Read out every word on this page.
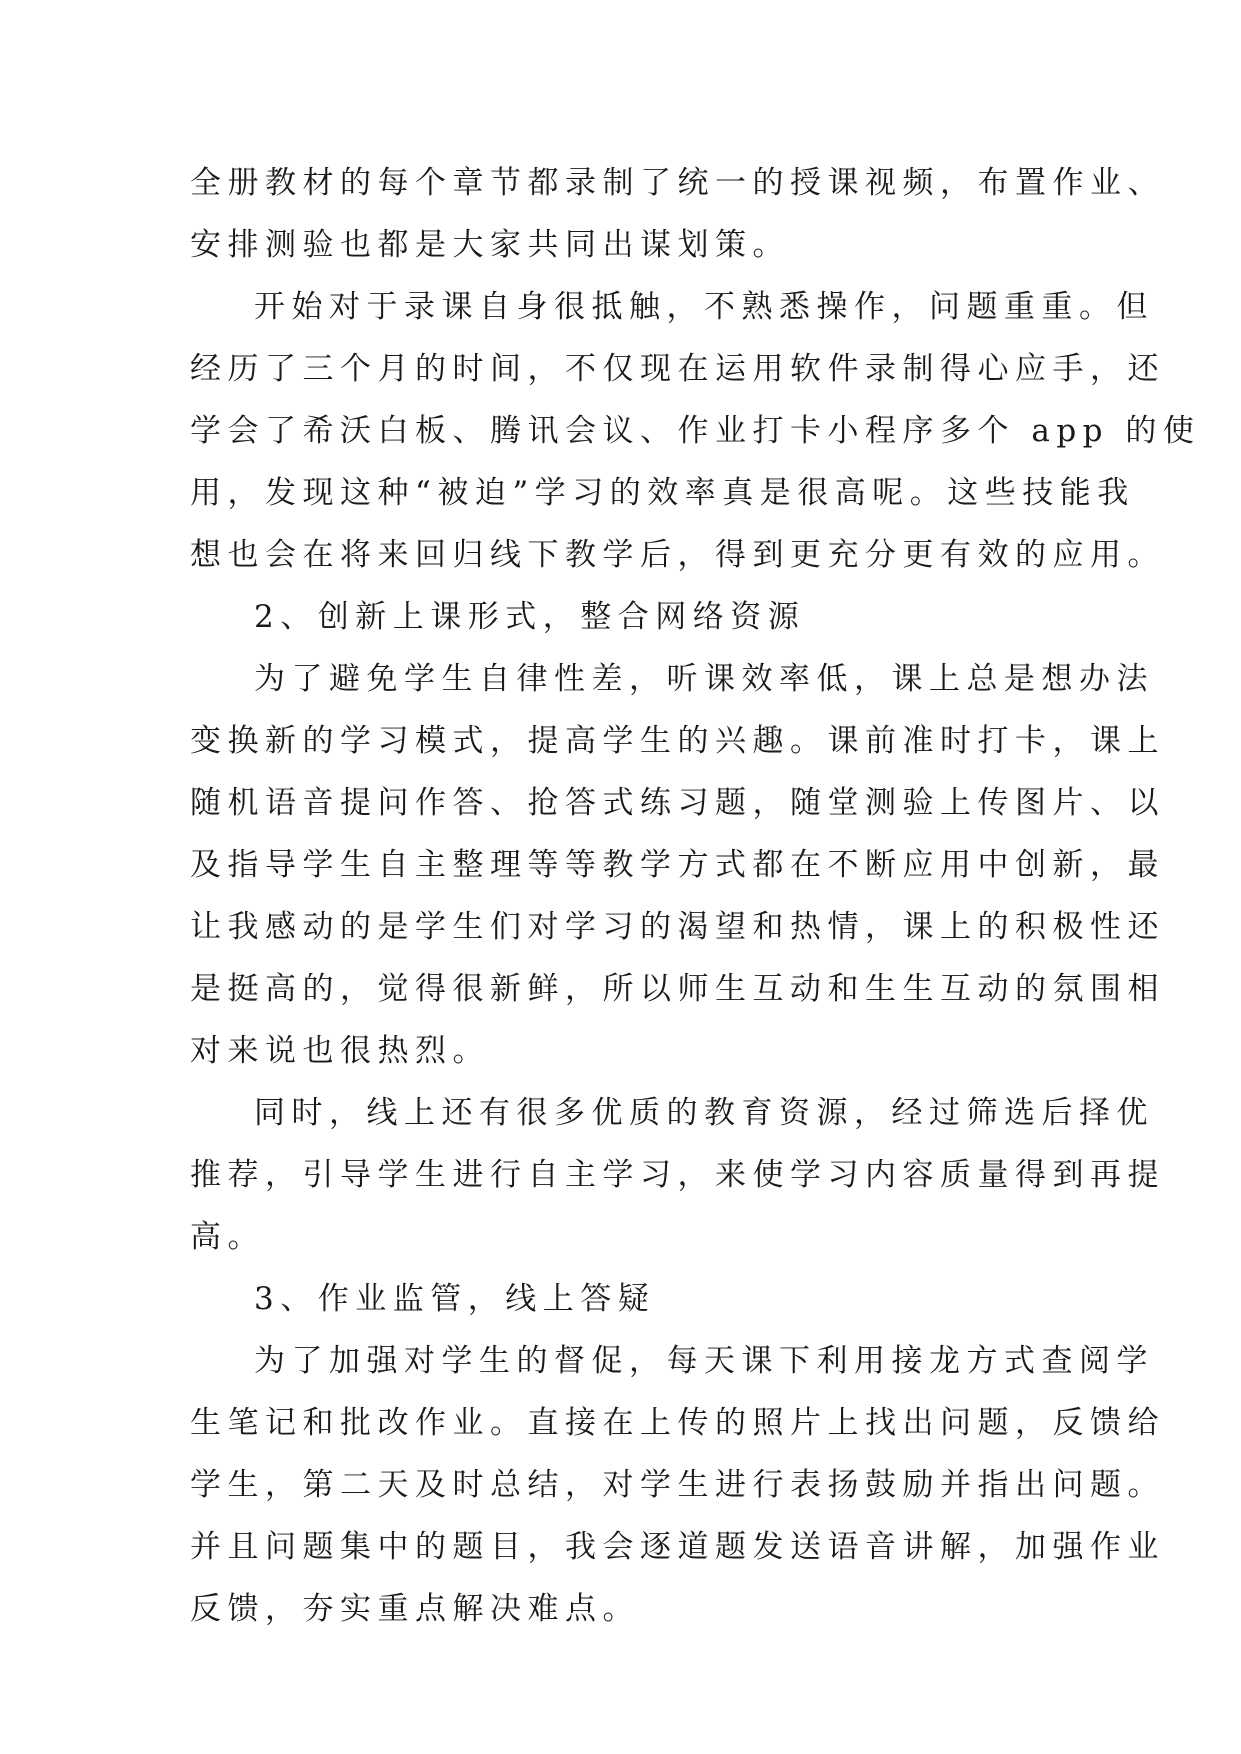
全册教材的每个章节都录制了统一的授课视频，布置作业、
安排测验也都是大家共同出谋划策。
开始对于录课自身很抵触，不熟悉操作，问题重重。但
经历了三个月的时间，不仅现在运用软件录制得心应手，还
学会了希沃白板、腾讯会议、作业打卡小程序多个 app 的使
用，发现这种“被迫”学习的效率真是很高呢。这些技能我
想也会在将来回归线下教学后，得到更充分更有效的应用。
2、创新上课形式，整合网络资源
为了避免学生自律性差，听课效率低，课上总是想办法
变换新的学习模式，提高学生的兴趣。课前准时打卡，课上
随机语音提问作答、抢答式练习题，随堂测验上传图片、以
及指导学生自主整理等等教学方式都在不断应用中创新，最
让我感动的是学生们对学习的渴望和热情，课上的积极性还
是挺高的，觉得很新鲜，所以师生互动和生生互动的氛围相
对来说也很热烈。
同时，线上还有很多优质的教育资源，经过筛选后择优
推荐，引导学生进行自主学习，来使学习内容质量得到再提
高。
3、作业监管，线上答疑
为了加强对学生的督促，每天课下利用接龙方式查阅学
生笔记和批改作业。直接在上传的照片上找出问题，反馈给
学生，第二天及时总结，对学生进行表扬鼓励并指出问题。
并且问题集中的题目，我会逐道题发送语音讲解，加强作业
反馈，夯实重点解决难点。
